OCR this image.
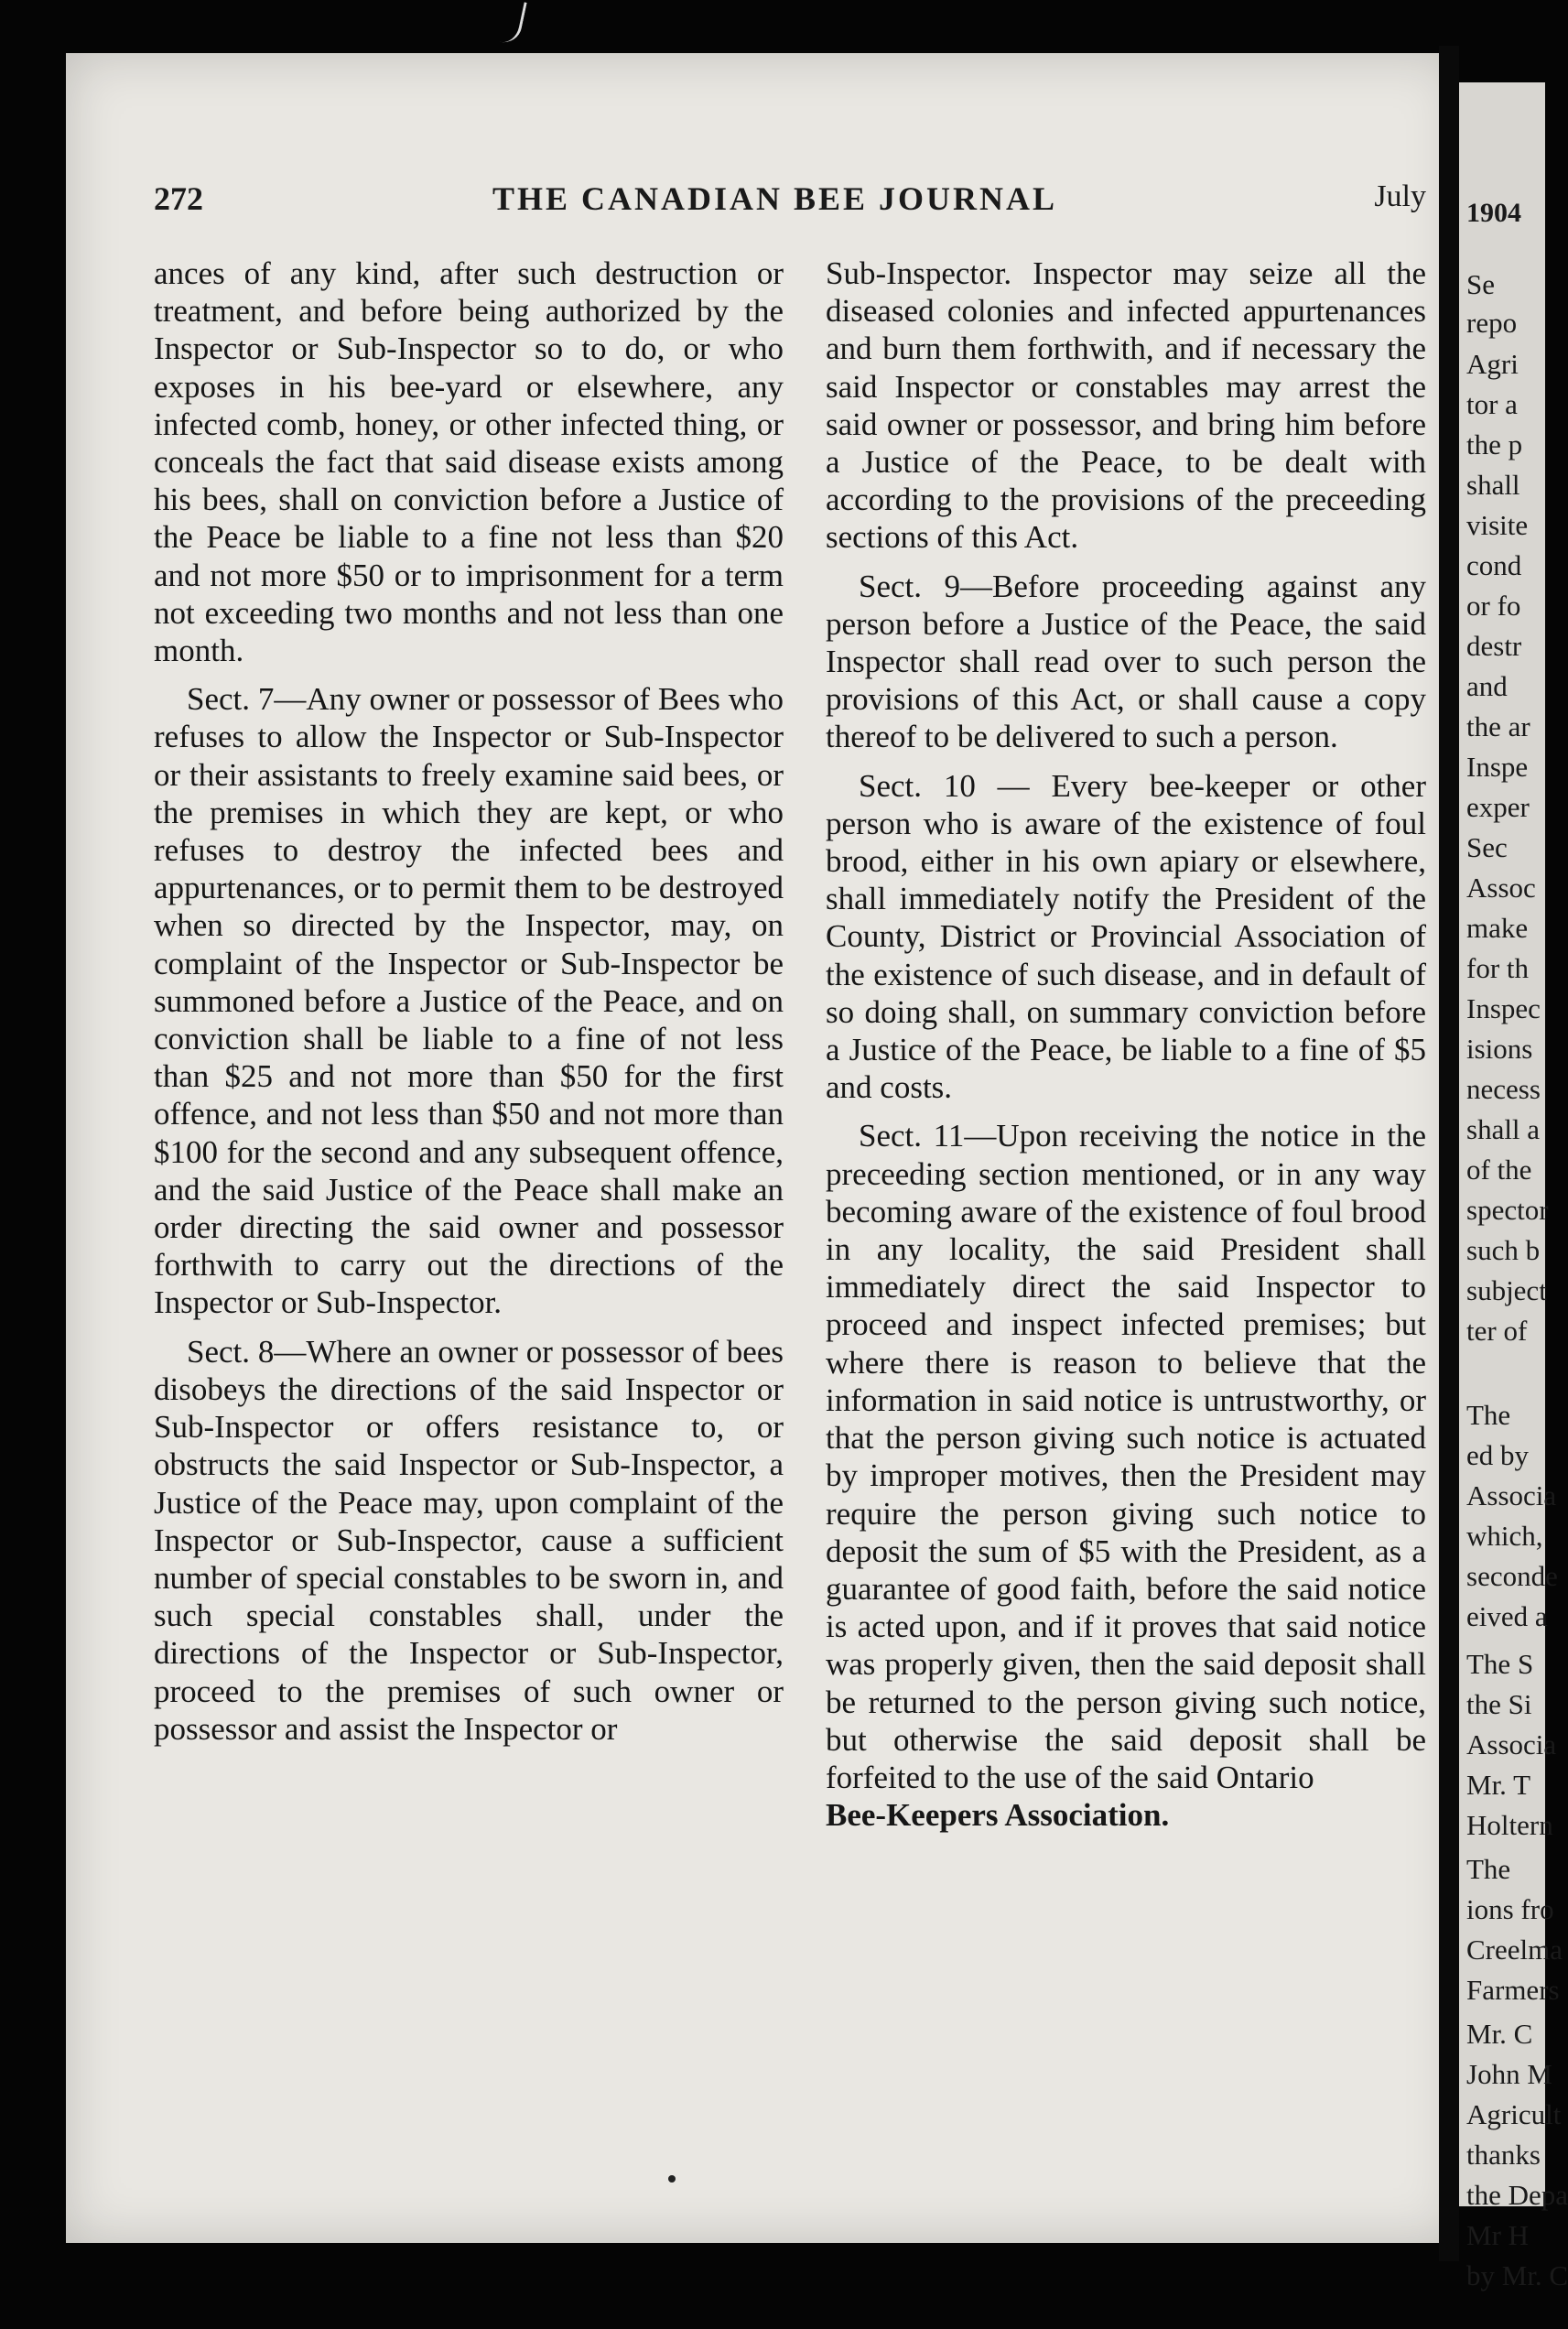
1904
Se
repo
Agri
tor a
the p
shall
visite
cond
or fo
destr
and
the ar
Inspe
exper
Sec
Assoc
make
for th
Inspec
isions
necess
shall a
of the
spector
such b
subject
ter of
The
ed by
Associa
which,
seconde
eived a
The S
the Si
Associa
Mr. T
Holtern
The
ions fro
Creelma
Farmers
Mr. C
John M
Agricult
thanks
the Depa
Mr H
by Mr. C
272	THE CANADIAN BEE JOURNAL	July

ances of any kind, after such destruction or treatment, and before being authorized by the Inspector or Sub-Inspector so to do, or who exposes in his bee-yard or elsewhere, any infected comb, honey, or other infected thing, or conceals the fact that said disease exists among his bees, shall on conviction before a Justice of the Peace be liable to a fine not less than $20 and not more $50 or to imprisonment for a term not exceeding two months and not less than one month.

Sect. 7—Any owner or possessor of Bees who refuses to allow the Inspector or Sub-Inspector or their assistants to freely examine said bees, or the premises in which they are kept, or who refuses to destroy the infected bees and appurtenances, or to permit them to be destroyed when so directed by the Inspector, may, on complaint of the Inspector or Sub-Inspector be summoned before a Justice of the Peace, and on conviction shall be liable to a fine of not less than $25 and not more than $50 for the first offence, and not less than $50 and not more than $100 for the second and any subsequent offence, and the said Justice of the Peace shall make an order directing the said owner and possessor forthwith to carry out the directions of the Inspector or Sub-Inspector.

Sect. 8—Where an owner or possessor of bees disobeys the directions of the said Inspector or Sub-Inspector or offers resistance to, or obstructs the said Inspector or Sub-Inspector, a Justice of the Peace may, upon complaint of the Inspector or Sub-Inspector, cause a sufficient number of special constables to be sworn in, and such special constables shall, under the directions of the Inspector or Sub-Inspector, proceed to the premises of such owner or possessor and assist the Inspector or

Sub-Inspector. Inspector may seize all the diseased colonies and infected appurtenances and burn them forthwith, and if necessary the said Inspector or constables may arrest the said owner or possessor, and bring him before a Justice of the Peace, to be dealt with according to the provisions of the preceeding sections of this Act.

Sect. 9—Before proceeding against any person before a Justice of the Peace, the said Inspector shall read over to such person the provisions of this Act, or shall cause a copy thereof to be delivered to such a person.

Sect. 10 — Every bee-keeper or other person who is aware of the existence of foul brood, either in his own apiary or elsewhere, shall immediately notify the President of the County, District or Provincial Association of the existence of such disease, and in default of so doing shall, on summary conviction before a Justice of the Peace, be liable to a fine of $5 and costs.

Sect. 11—Upon receiving the notice in the preceeding section mentioned, or in any way becoming aware of the existence of foul brood in any locality, the said President shall immediately direct the said Inspector to proceed and inspect infected premises; but where there is reason to believe that the information in said notice is untrustworthy, or that the person giving such notice is actuated by improper motives, then the President may require the person giving such notice to deposit the sum of $5 with the President, as a guarantee of good faith, before the said notice is acted upon, and if it proves that said notice was properly given, then the said deposit shall be returned to the person giving such notice, but otherwise the said deposit shall be forfeited to the use of the said Ontario

Bee-Keepers Association.
